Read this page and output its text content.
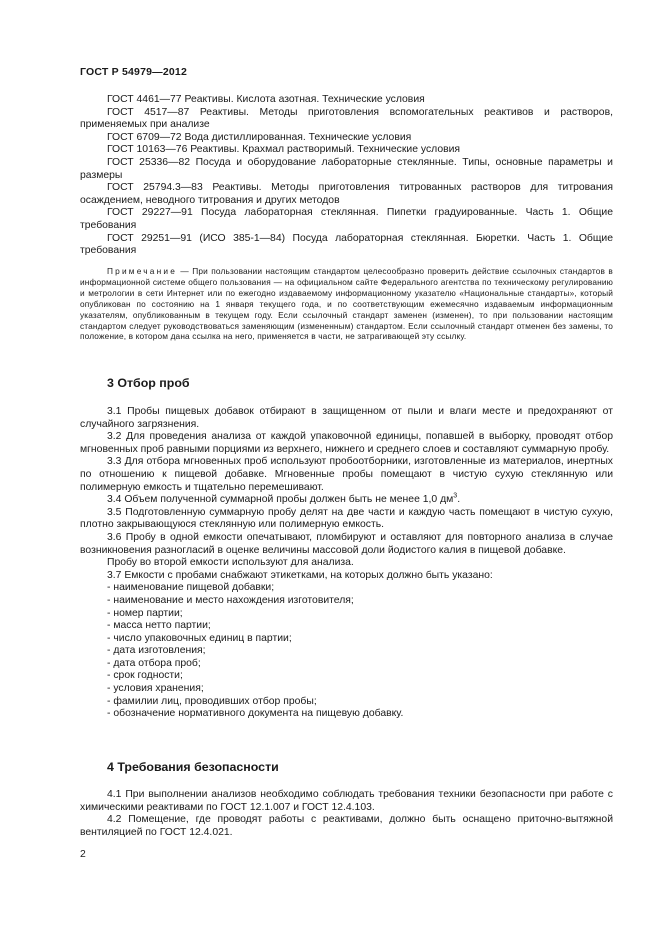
ГОСТ Р 54979—2012

ГОСТ 4461—77 Реактивы. Кислота азотная. Технические условия

ГОСТ 4517—87 Реактивы. Методы приготовления вспомогательных реактивов и растворов, применяемых при анализе

ГОСТ 6709—72 Вода дистиллированная. Технические условия

ГОСТ 10163—76 Реактивы. Крахмал растворимый. Технические условия

ГОСТ 25336—82 Посуда и оборудование лабораторные стеклянные. Типы, основные параметры и размеры

ГОСТ 25794.3—83 Реактивы. Методы приготовления титрованных растворов для титрования осаждением, неводного титрования и других методов

ГОСТ 29227—91 Посуда лабораторная стеклянная. Пипетки градуированные. Часть 1. Общие требования

ГОСТ 29251—91 (ИСО 385-1—84) Посуда лабораторная стеклянная. Бюретки. Часть 1. Общие требования

Примечание — При пользовании настоящим стандартом целесообразно проверить действие ссылочных стандартов в информационной системе общего пользования — на официальном сайте Федерального агентства по техническому регулированию и метрологии в сети Интернет или по ежегодно издаваемому информационному указателю «Национальные стандарты», который опубликован по состоянию на 1 января текущего года, и по соответствующим ежемесячно издаваемым информационным указателям, опубликованным в текущем году. Если ссылочный стандарт заменен (изменен), то при пользовании настоящим стандартом следует руководствоваться заменяющим (измененным) стандартом. Если ссылочный стандарт отменен без замены, то положение, в котором дана ссылка на него, применяется в части, не затрагивающей эту ссылку.

3 Отбор проб

3.1 Пробы пищевых добавок отбирают в защищенном от пыли и влаги месте и предохраняют от случайного загрязнения.

3.2 Для проведения анализа от каждой упаковочной единицы, попавшей в выборку, проводят отбор мгновенных проб равными порциями из верхнего, нижнего и среднего слоев и составляют суммарную пробу.

3.3 Для отбора мгновенных проб используют пробоотборники, изготовленные из материалов, инертных по отношению к пищевой добавке. Мгновенные пробы помещают в чистую сухую стеклянную или полимерную емкость и тщательно перемешивают.

3.4 Объем полученной суммарной пробы должен быть не менее 1,0 $дм^3$.

3.5 Подготовленную суммарную пробу делят на две части и каждую часть помещают в чистую сухую, плотно закрывающуюся стеклянную или полимерную емкость.

3.6 Пробу в одной емкости опечатывают, пломбируют и оставляют для повторного анализа в случае возникновения разногласий в оценке величины массовой доли йодистого калия в пищевой добавке.

Пробу во второй емкости используют для анализа.

3.7 Емкости с пробами снабжают этикетками, на которых должно быть указано:

- наименование пищевой добавки;
- наименование и место нахождения изготовителя;
- номер партии;
- масса нетто партии;
- число упаковочных единиц в партии;
- дата изготовления;
- дата отбора проб;
- срок годности;
- условия хранения;
- фамилии лиц, проводивших отбор пробы;
- обозначение нормативного документа на пищевую добавку.
4 Требования безопасности

4.1 При выполнении анализов необходимо соблюдать требования техники безопасности при работе с химическими реактивами по ГОСТ 12.1.007 и ГОСТ 12.4.103.

4.2 Помещение, где проводят работы с реактивами, должно быть оснащено приточно-вытяжной вентиляцией по ГОСТ 12.4.021.

2
